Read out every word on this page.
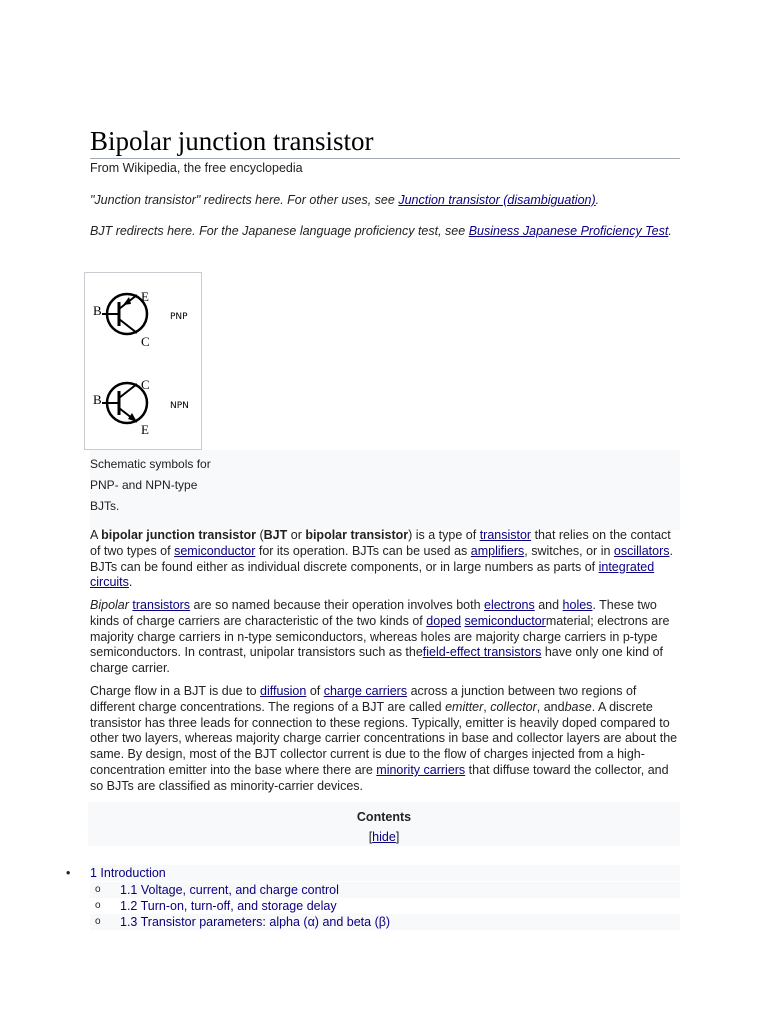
Bipolar junction transistor
From Wikipedia, the free encyclopedia
"Junction transistor" redirects here. For other uses, see Junction transistor (disambiguation).
BJT redirects here. For the Japanese language proficiency test, see Business Japanese Proficiency Test.
B
E
C
PNP
B
C
E
NPN
Schematic symbols for
PNP- and NPN-type
BJTs.

A bipolar junction transistor (BJT or bipolar transistor) is a type of transistor that relies on the contact of two types of semiconductor for its operation. BJTs can be used as amplifiers, switches, or in oscillators. BJTs can be found either as individual discrete components, or in large numbers as parts of integrated circuits.

Bipolar transistors are so named because their operation involves both electrons and holes. These two kinds of charge carriers are characteristic of the two kinds of doped semiconductormaterial; electrons are majority charge carriers in n-type semiconductors, whereas holes are majority charge carriers in p-type semiconductors. In contrast, unipolar transistors such as thefield-effect transistors have only one kind of charge carrier.

Charge flow in a BJT is due to diffusion of charge carriers across a junction between two regions of different charge concentrations. The regions of a BJT are called emitter, collector, andbase. A discrete transistor has three leads for connection to these regions. Typically, emitter is heavily doped compared to other two layers, whereas majority charge carrier concentrations in base and collector layers are about the same. By design, most of the BJT collector current is due to the flow of charges injected from a high-concentration emitter into the base where there are minority carriers that diffuse toward the collector, and so BJTs are classified as minority-carrier devices.

Contents
[hide]
• 1 Introduction
o 1.1 Voltage, current, and charge control
o 1.2 Turn-on, turn-off, and storage delay
o 1.3 Transistor parameters: alpha (α) and beta (β)
